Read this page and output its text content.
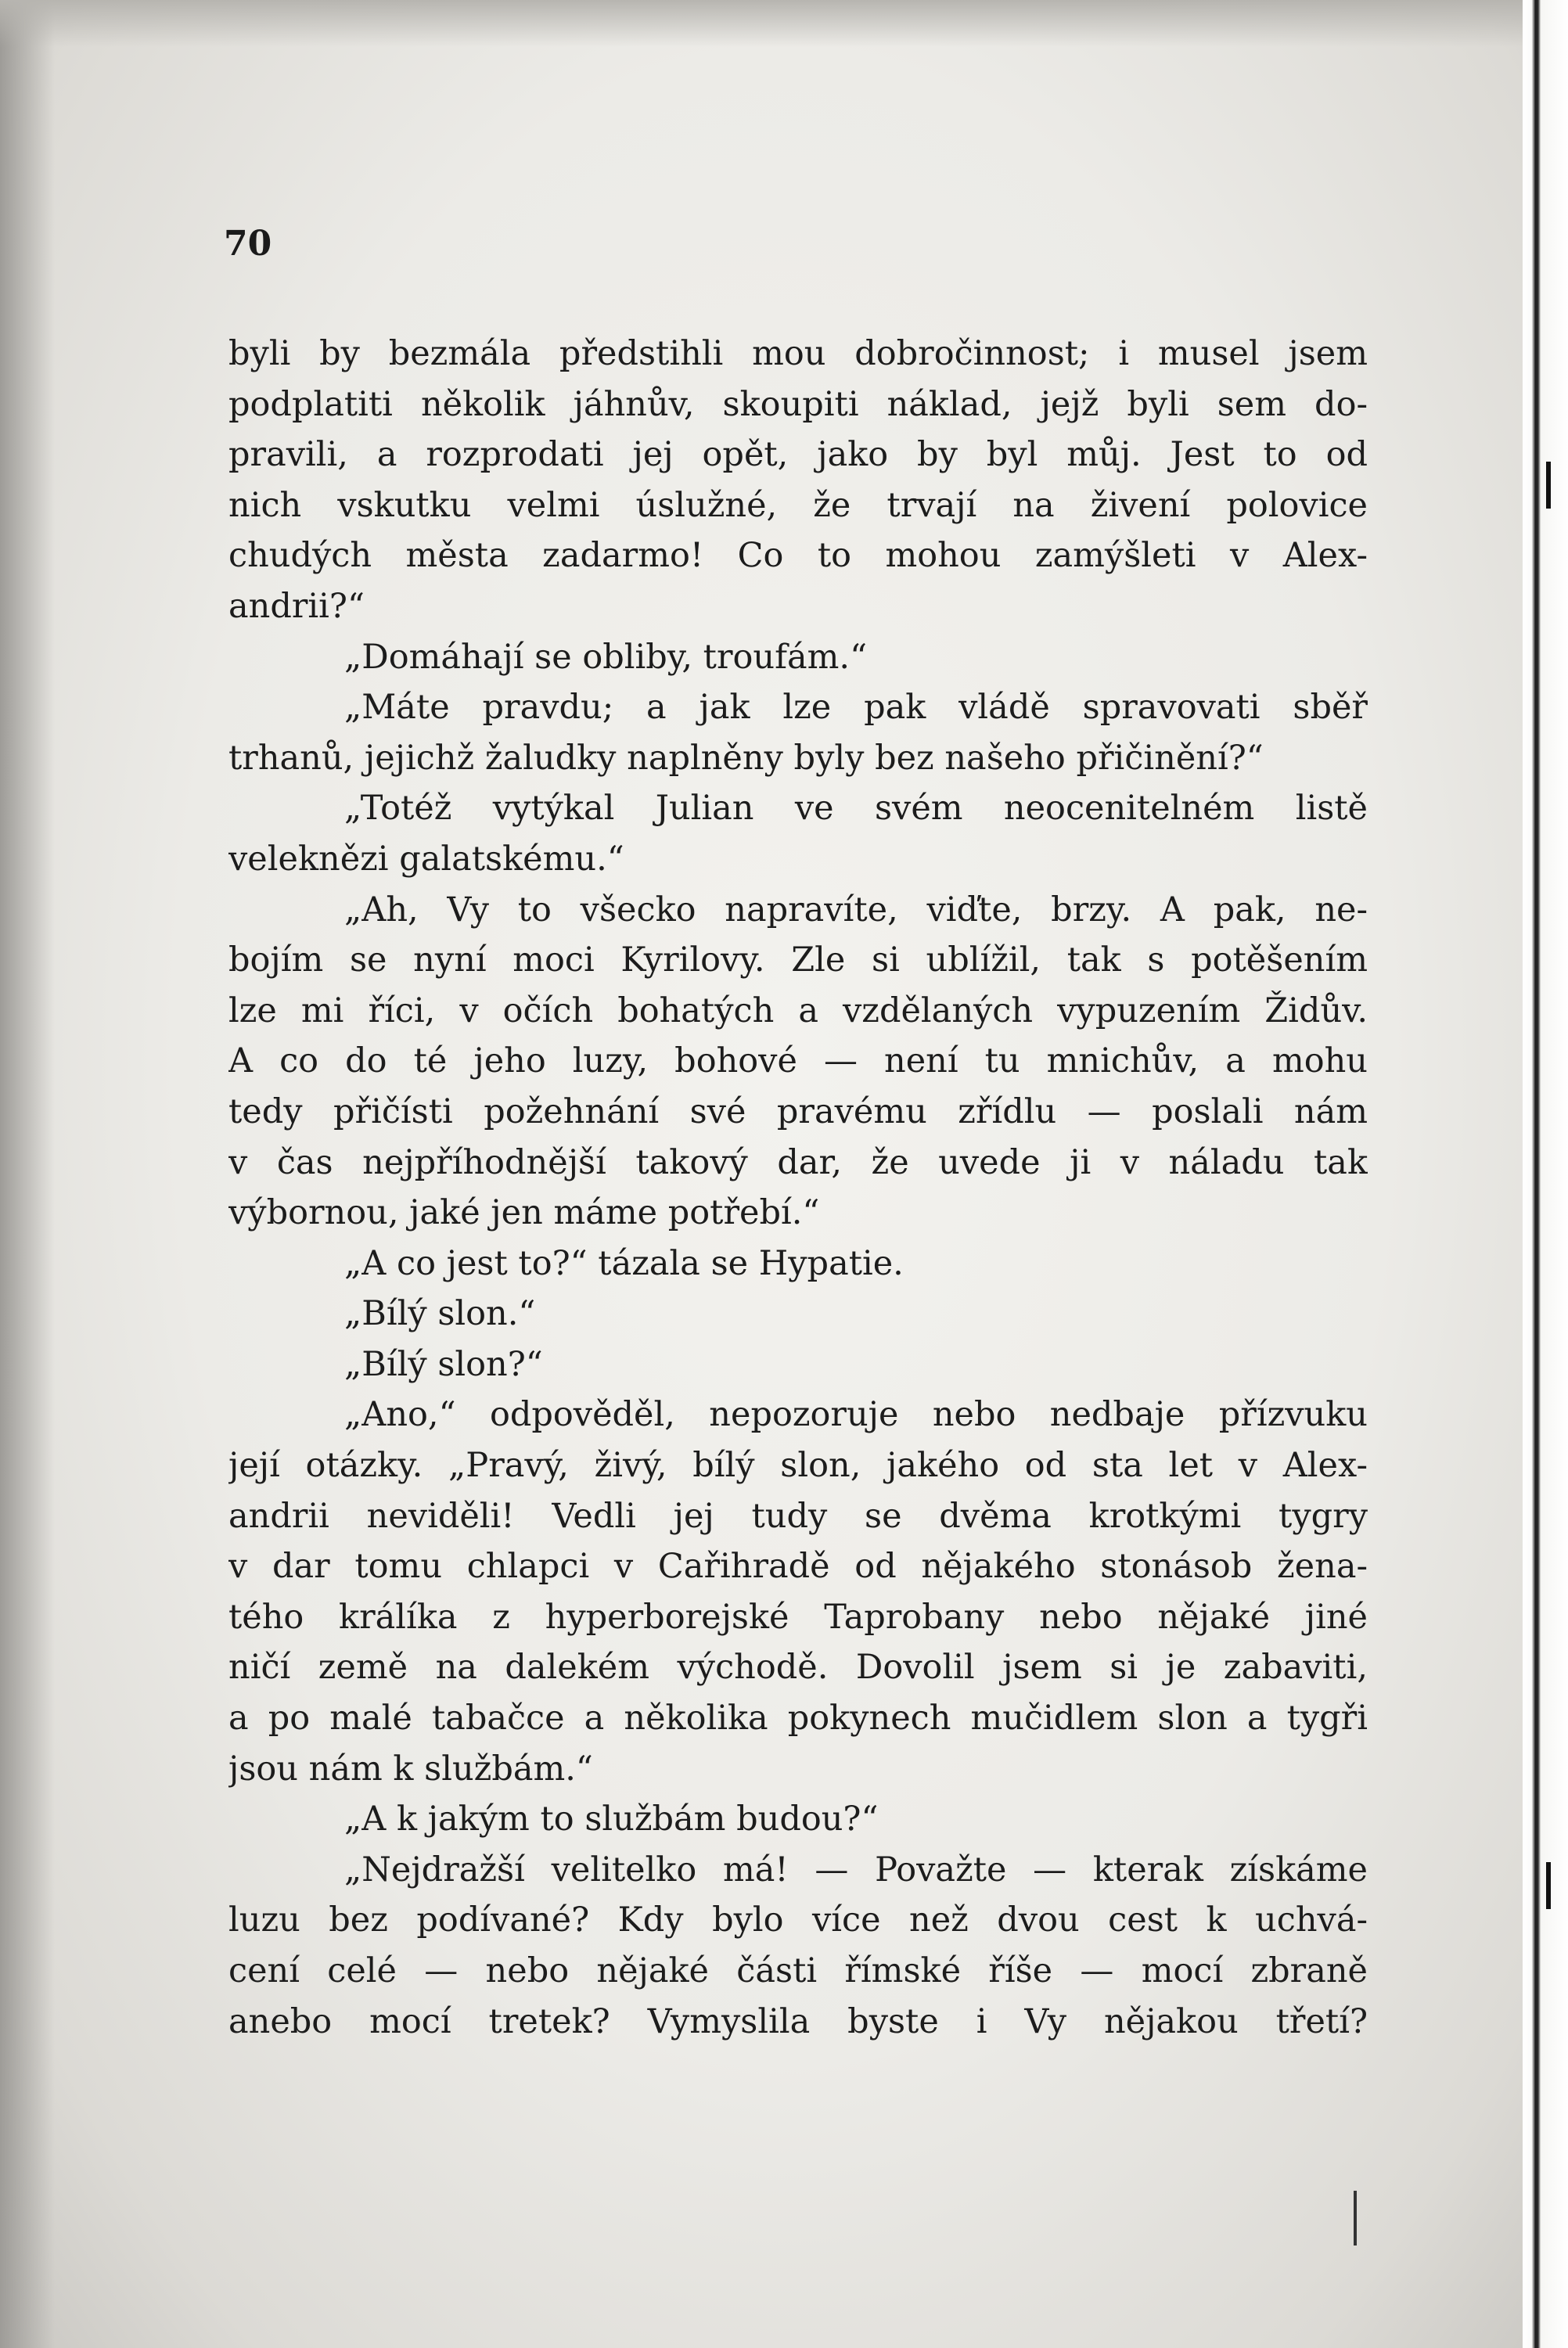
70

byli by bezmála předstihli mou dobročinnost; i musel jsem
podplatiti několik jáhnův, skoupiti náklad, jejž byli sem do-
pravili, a rozprodati jej opět, jako by byl můj. Jest to od
nich vskutku velmi úslužné, že trvají na živení polovice
chudých města zadarmo! Co to mohou zamýšleti v Alex-
andrii?“
„Domáhají se obliby, troufám.“
„Máte pravdu; a jak lze pak vládě spravovati sběř
trhanů, jejichž žaludky naplněny byly bez našeho přičinění?“
„Totéž vytýkal Julian ve svém neocenitelném listě
veleknězi galatskému.“
„Ah, Vy to všecko napravíte, viďte, brzy. A pak, ne-
bojím se nyní moci Kyrilovy. Zle si ublížil, tak s potěšením
lze mi říci, v očích bohatých a vzdělaných vypuzením Židův.
A co do té jeho luzy, bohové — není tu mnichův, a mohu
tedy přičísti požehnání své pravému zřídlu — poslali nám
v čas nejpříhodnější takový dar, že uvede ji v náladu tak
výbornou, jaké jen máme potřebí.“
„A co jest to?“ tázala se Hypatie.
„Bílý slon.“
„Bílý slon?“
„Ano,“ odpověděl, nepozoruje nebo nedbaje přízvuku
její otázky. „Pravý, živý, bílý slon, jakého od sta let v Alex-
andrii neviděli! Vedli jej tudy se dvěma krotkými tygry
v dar tomu chlapci v Cařihradě od nějakého stonásob žena-
tého králíka z hyperborejské Taprobany nebo nějaké jiné
ničí země na dalekém východě. Dovolil jsem si je zabaviti,
a po malé tabačce a několika pokynech mučidlem slon a tygři
jsou nám k službám.“
„A k jakým to službám budou?“
„Nejdražší velitelko má! — Považte — kterak získáme
luzu bez podívané? Kdy bylo více než dvou cest k uchvá-
cení celé — nebo nějaké části římské říše — mocí zbraně
anebo mocí tretek? Vymyslila byste i Vy nějakou třetí?
